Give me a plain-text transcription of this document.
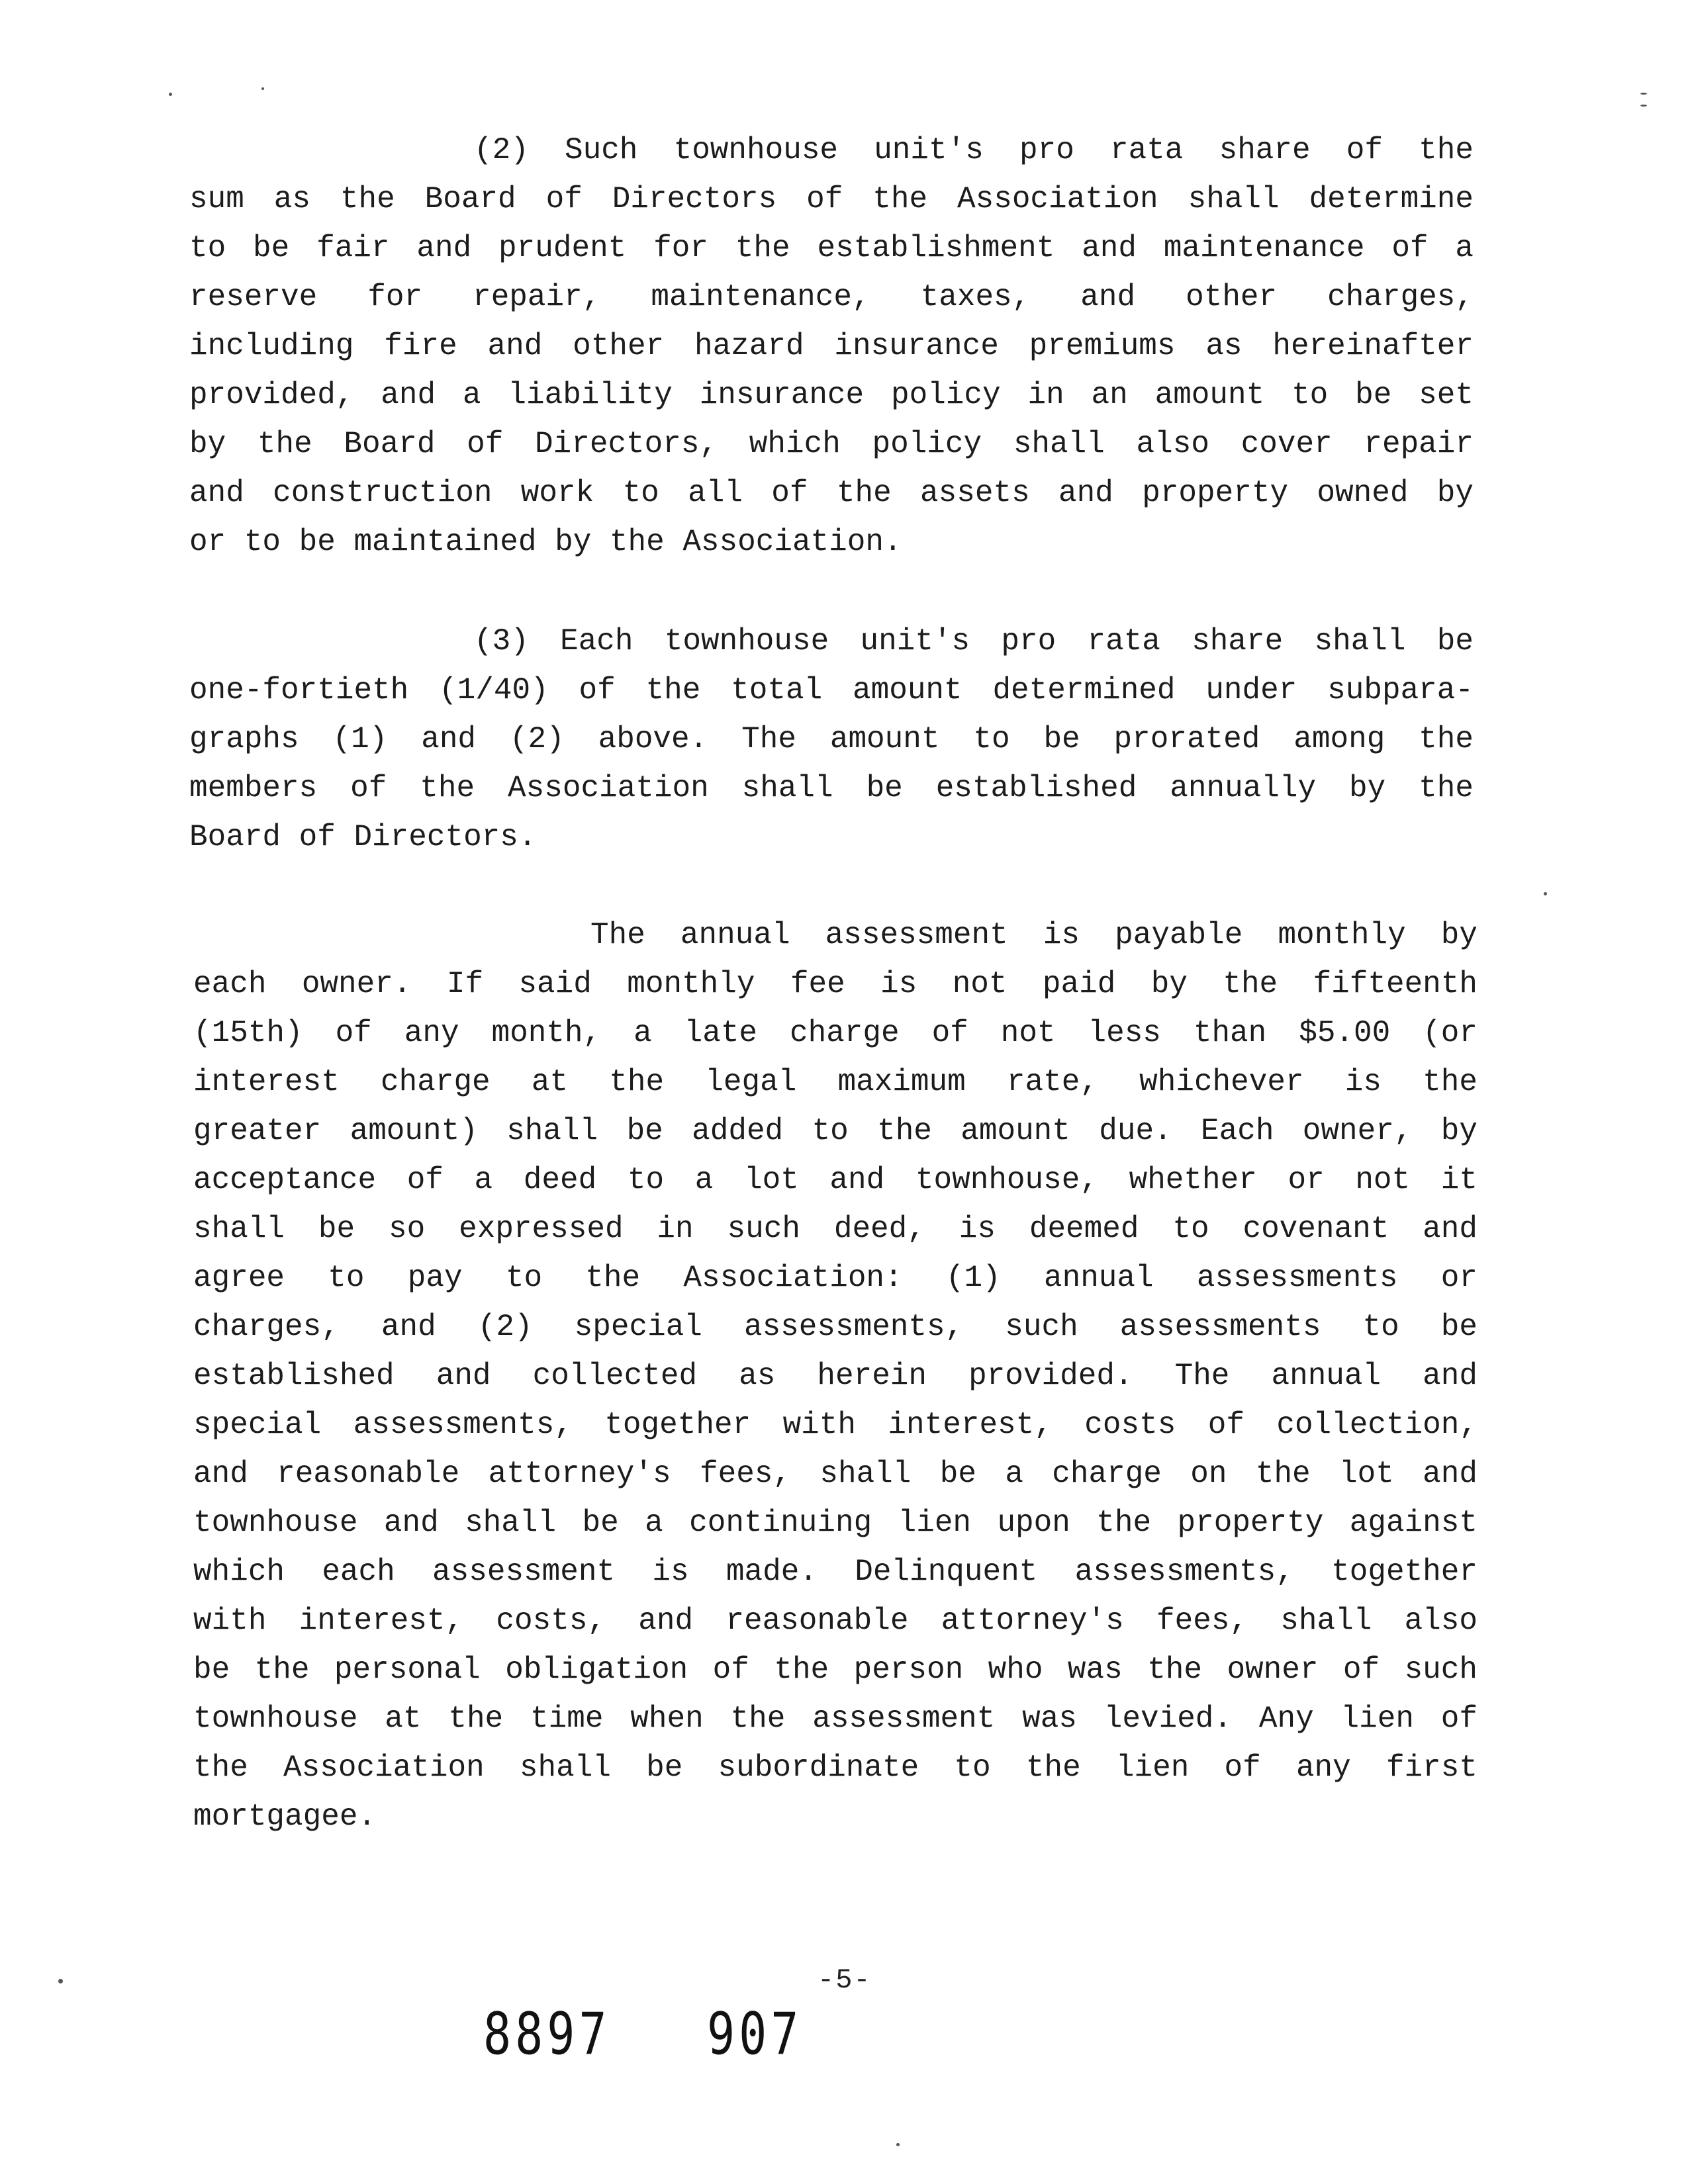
(2) Such townhouse unit's pro rata share of the
sum as the Board of Directors of the Association shall determine
to be fair and prudent for the establishment and maintenance of a
reserve for repair, maintenance, taxes, and other charges,
including fire and other hazard insurance premiums as hereinafter
provided, and a liability insurance policy in an amount to be set
by the Board of Directors, which policy shall also cover repair
and construction work to all of the assets and property owned by
or to be maintained by the Association.
(3) Each townhouse unit's pro rata share shall be
one-fortieth (1/40) of the total amount determined under subpara-
graphs (1) and (2) above. The amount to be prorated among the
members of the Association shall be established annually by the
Board of Directors.
The annual assessment is payable monthly by
each owner. If said monthly fee is not paid by the fifteenth
(15th) of any month, a late charge of not less than $5.00 (or
interest charge at the legal maximum rate, whichever is the
greater amount) shall be added to the amount due. Each owner, by
acceptance of a deed to a lot and townhouse, whether or not it
shall be so expressed in such deed, is deemed to covenant and
agree to pay to the Association: (1) annual assessments or
charges, and (2) special assessments, such assessments to be
established and collected as herein provided. The annual and
special assessments, together with interest, costs of collection,
and reasonable attorney's fees, shall be a charge on the lot and
townhouse and shall be a continuing lien upon the property against
which each assessment is made. Delinquent assessments, together
with interest, costs, and reasonable attorney's fees, shall also
be the personal obligation of the person who was the owner of such
townhouse at the time when the assessment was levied. Any lien of
the Association shall be subordinate to the lien of any first
mortgagee.
-5-
8897 907
